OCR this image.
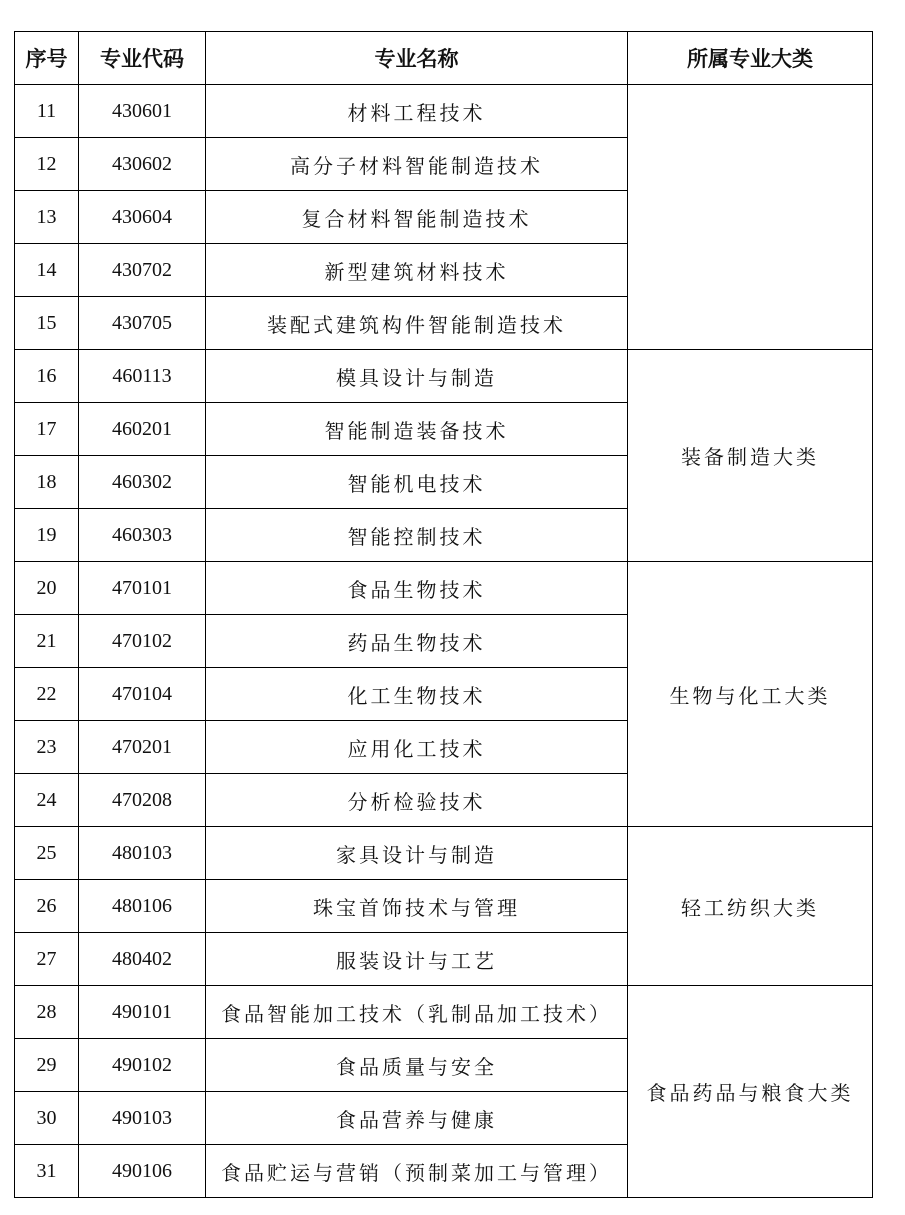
序号	专业代码	专业名称	所属专业大类
11	430601	材料工程技术	
12	430602	高分子材料智能制造技术	
13	430604	复合材料智能制造技术	
14	430702	新型建筑材料技术	
15	430705	装配式建筑构件智能制造技术	
16	460113	模具设计与制造	装备制造大类
17	460201	智能制造装备技术	
18	460302	智能机电技术	
19	460303	智能控制技术	
20	470101	食品生物技术	生物与化工大类
21	470102	药品生物技术	
22	470104	化工生物技术	
23	470201	应用化工技术	
24	470208	分析检验技术	
25	480103	家具设计与制造	轻工纺织大类
26	480106	珠宝首饰技术与管理	
27	480402	服装设计与工艺	
28	490101	食品智能加工技术（乳制品加工技术）	食品药品与粮食大类
29	490102	食品质量与安全	
30	490103	食品营养与健康	
31	490106	食品贮运与营销（预制菜加工与管理）	
